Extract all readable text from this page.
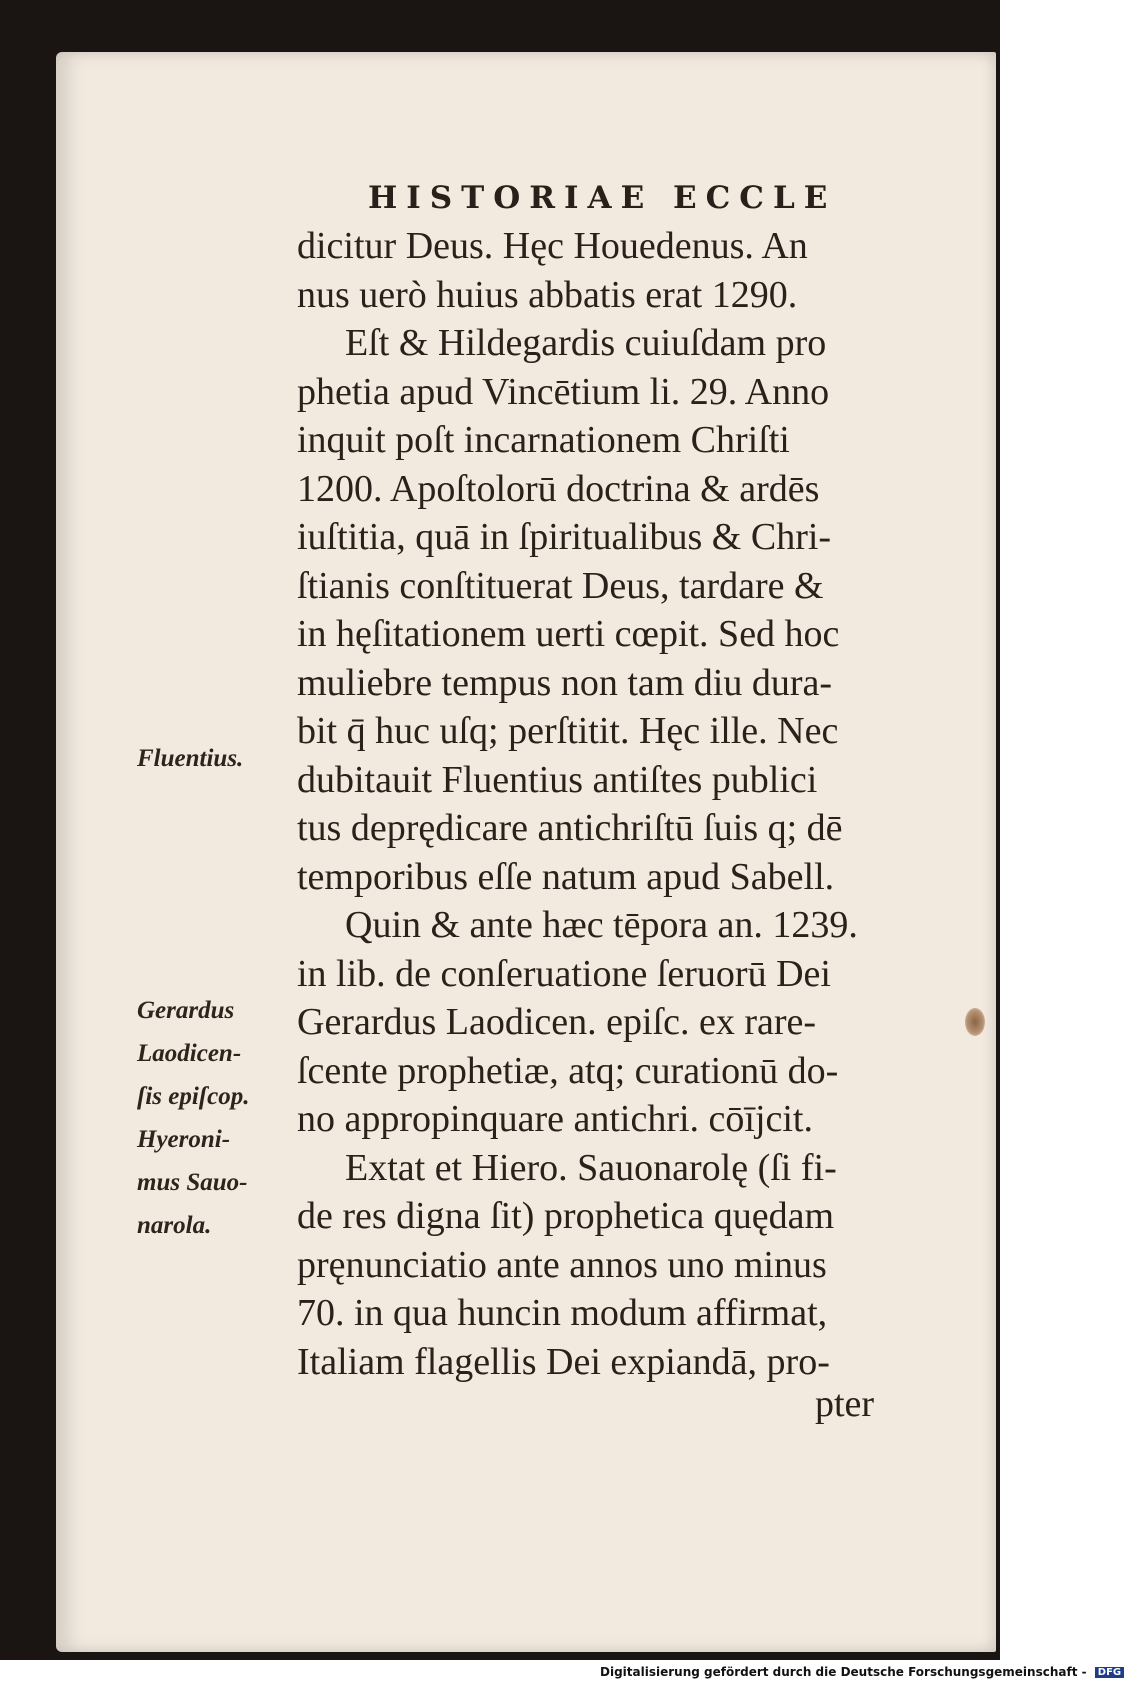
HISTORIAE ECCLE
dicitur Deus. Hęc Houedenus. An
nus uerò huius abbatis erat 1290.
Eſt & Hildegardis cuiuſdam pro
phetia apud Vincētium li. 29. Anno
inquit poſt incarnationem Chriſti
1200. Apoſtolorū doctrina & ardēs
iuſtitia, quā in ſpiritualibus & Chri-
ſtianis conſtituerat Deus, tardare &
in hęſitationem uerti cœpit. Sed hoc
muliebre tempus non tam diu dura-
bit q̄ huc uſq; perſtitit. Hęc ille. Nec
dubitauit Fluentius antiſtes publici
tus deprędicare antichriſtū ſuis q; dē
temporibus eſſe natum apud Sabell.
Quin & ante hæc tēpora an. 1239.
in lib. de conſeruatione ſeruorū Dei
Gerardus Laodicen. epiſc. ex rare-
ſcente prophetiæ, atq; curationū do-
no appropinquare antichri. cōījcit.
Extat et Hiero. Sauonarolę (ſi fi-
de res digna ſit) prophetica quędam
pręnunciatio ante annos uno minus
70. in qua huncin modum affirmat,
Italiam flagellis Dei expiandā, pro-
Fluentius.
Gerardus
Laodicen-
ſis epiſcop.
Hyeroni-
mus Sauo-
narola.
pter
Digitalisierung gefördert durch die Deutsche Forschungsgemeinschaft - DFG
